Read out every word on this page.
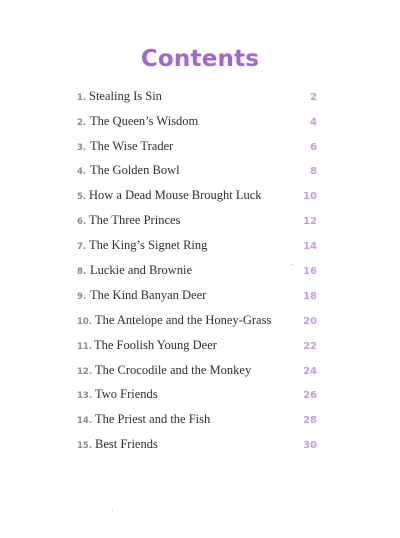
Contents
1. Stealing Is Sin	2
2. The Queen’s Wisdom	4
3. The Wise Trader	6
4. The Golden Bowl	8
5. How a Dead Mouse Brought Luck	10
6. The Three Princes	12
7. The King’s Signet Ring	14
8. Luckie and Brownie	16
9. The Kind Banyan Deer	18
10. The Antelope and the Honey-Grass	20
11. The Foolish Young Deer	22
12. The Crocodile and the Monkey	24
13. Two Friends	26
14. The Priest and the Fish	28
15. Best Friends	30
